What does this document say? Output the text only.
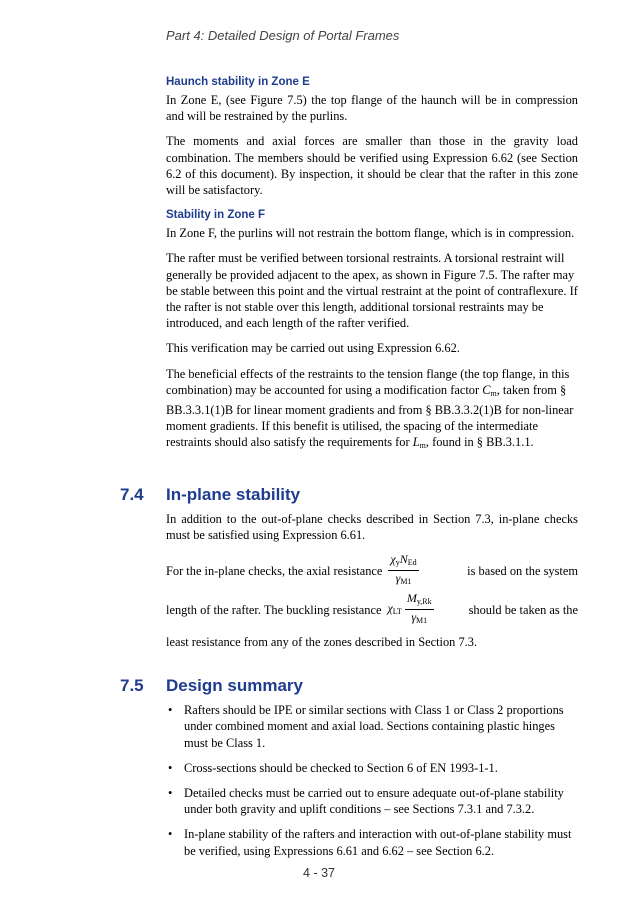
Part 4: Detailed Design of Portal Frames
Haunch stability in Zone E

In Zone E, (see Figure 7.5) the top flange of the haunch will be in compression and will be restrained by the purlins.

The moments and axial forces are smaller than those in the gravity load combination. The members should be verified using Expression 6.62 (see Section 6.2 of this document). By inspection, it should be clear that the rafter in this zone will be satisfactory.

Stability in Zone F

In Zone F, the purlins will not restrain the bottom flange, which is in compression.

The rafter must be verified between torsional restraints. A torsional restraint will generally be provided adjacent to the apex, as shown in Figure 7.5. The rafter may be stable between this point and the virtual restraint at the point of contraflexure. If the rafter is not stable over this length, additional torsional restraints may be introduced, and each length of the rafter verified.

This verification may be carried out using Expression 6.62.

The beneficial effects of the restraints to the tension flange (the top flange, in this combination) may be accounted for using a modification factor $C_m$, taken from § BB.3.3.1(1)B for linear moment gradients and from § BB.3.3.2(1)B for non-linear moment gradients. If this benefit is utilised, the spacing of the intermediate restraints should also satisfy the requirements for $L_m$, found in § BB.3.1.1.

7.4 In-plane stability

In addition to the out-of-plane checks described in Section 7.3, in-plane checks must be satisfied using Expression 6.61.

For the in-plane checks, the axial resistance $\frac{\chi_yN_{Ed}}{\gamma_{M1}}$	is based on the system
length of the rafter. The buckling resistance $\chi_{LT} \frac{M_{y,Rk}}{\gamma_{M1}}$	should be taken as the

least resistance from any of the zones described in Section 7.3.

7.5 Design summary
• Rafters should be IPE or similar sections with Class 1 or Class 2 proportions under combined moment and axial load. Sections containing plastic hinges must be Class 1.
• Cross-sections should be checked to Section 6 of EN 1993-1-1.
• Detailed checks must be carried out to ensure adequate out-of-plane stability under both gravity and uplift conditions – see Sections 7.3.1 and 7.3.2.
• In-plane stability of the rafters and interaction with out-of-plane stability must be verified, using Expressions 6.61 and 6.62 – see Section 6.2.
4 - 37
